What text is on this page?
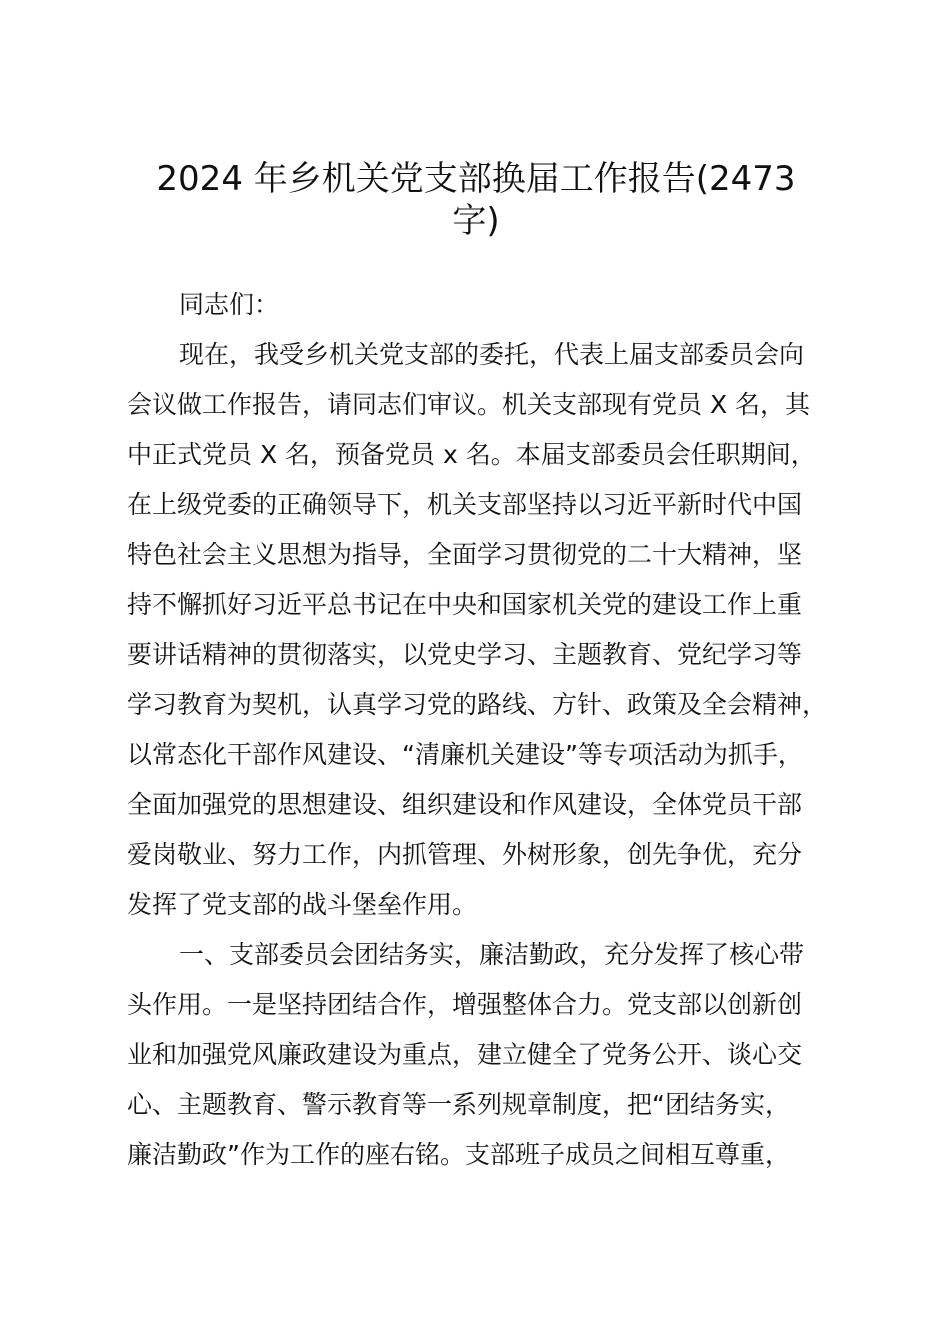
2024 年乡机关党支部换届工作报告(2473
字)
同志们：
现在，我受乡机关党支部的委托，代表上届支部委员会向
会议做工作报告，请同志们审议。机关支部现有党员 X 名，其
中正式党员 X 名，预备党员 x 名。本届支部委员会任职期间，
在上级党委的正确领导下，机关支部坚持以习近平新时代中国
特色社会主义思想为指导，全面学习贯彻党的二十大精神，坚
持不懈抓好习近平总书记在中央和国家机关党的建设工作上重
要讲话精神的贯彻落实，以党史学习、主题教育、党纪学习等
学习教育为契机，认真学习党的路线、方针、政策及全会精神，
以常态化干部作风建设、“清廉机关建设”等专项活动为抓手，
全面加强党的思想建设、组织建设和作风建设，全体党员干部
爱岗敬业、努力工作，内抓管理、外树形象，创先争优，充分
发挥了党支部的战斗堡垒作用。
一、支部委员会团结务实，廉洁勤政，充分发挥了核心带
头作用。一是坚持团结合作，增强整体合力。党支部以创新创
业和加强党风廉政建设为重点，建立健全了党务公开、谈心交
心、主题教育、警示教育等一系列规章制度，把“团结务实，
廉洁勤政”作为工作的座右铭。支部班子成员之间相互尊重，
